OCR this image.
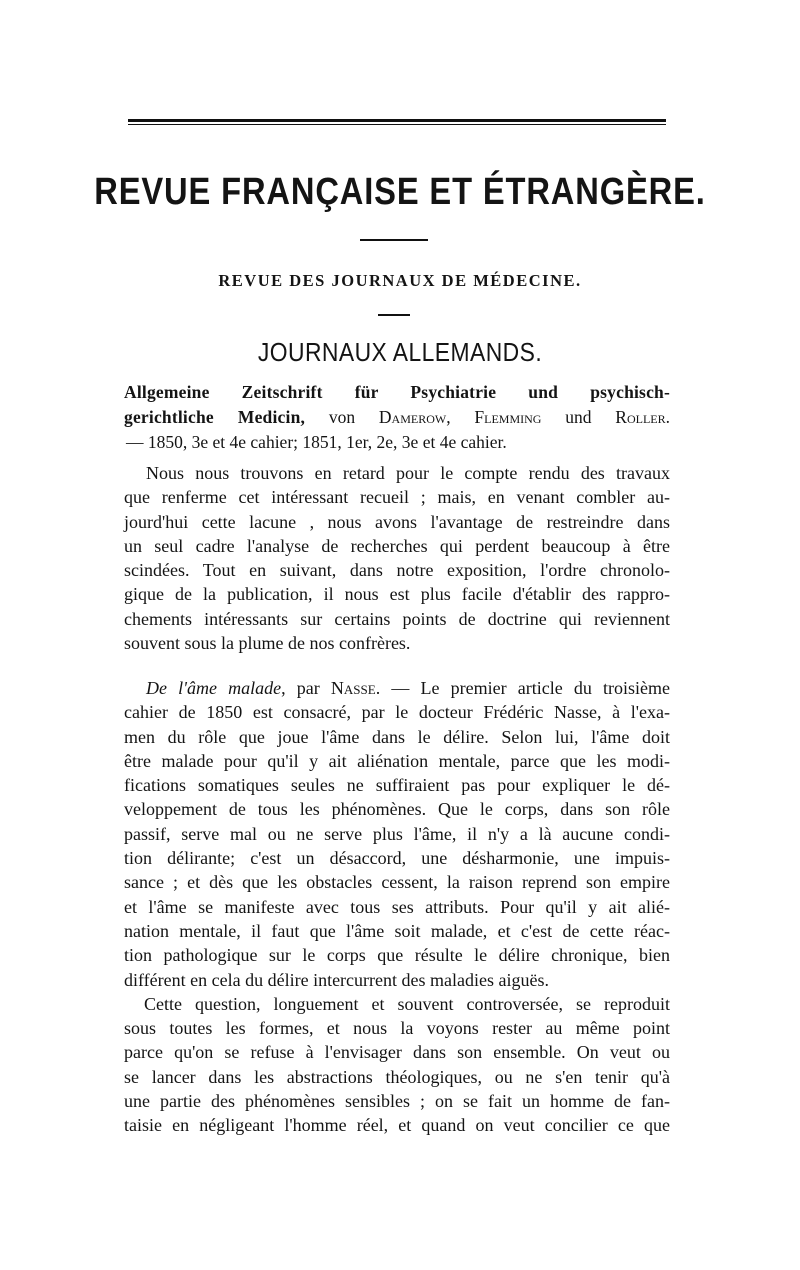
REVUE FRANÇAISE ET ÉTRANGÈRE.
REVUE DES JOURNAUX DE MÉDECINE.
JOURNAUX ALLEMANDS.
Allgemeine Zeitschrift für Psychiatrie und psychisch-
gerichtliche Medicin, von Damerow, Flemming und Roller.
— 1850, 3e et 4e cahier; 1851, 1er, 2e, 3e et 4e cahier.
Nous nous trouvons en retard pour le compte rendu des travaux
que renferme cet intéressant recueil ; mais, en venant combler au-
jourd'hui cette lacune , nous avons l'avantage de restreindre dans
un seul cadre l'analyse de recherches qui perdent beaucoup à être
scindées. Tout en suivant, dans notre exposition, l'ordre chronolo-
gique de la publication, il nous est plus facile d'établir des rappro-
chements intéressants sur certains points de doctrine qui reviennent
souvent sous la plume de nos confrères.
De l'âme malade, par Nasse. — Le premier article du troisième
cahier de 1850 est consacré, par le docteur Frédéric Nasse, à l'exa-
men du rôle que joue l'âme dans le délire. Selon lui, l'âme doit
être malade pour qu'il y ait aliénation mentale, parce que les modi-
fications somatiques seules ne suffiraient pas pour expliquer le dé-
veloppement de tous les phénomènes. Que le corps, dans son rôle
passif, serve mal ou ne serve plus l'âme, il n'y a là aucune condi-
tion délirante; c'est un désaccord, une désharmonie, une impuis-
sance ; et dès que les obstacles cessent, la raison reprend son empire
et l'âme se manifeste avec tous ses attributs. Pour qu'il y ait alié-
nation mentale, il faut que l'âme soit malade, et c'est de cette réac-
tion pathologique sur le corps que résulte le délire chronique, bien
différent en cela du délire intercurrent des maladies aiguës.
Cette question, longuement et souvent controversée, se reproduit
sous toutes les formes, et nous la voyons rester au même point
parce qu'on se refuse à l'envisager dans son ensemble. On veut ou
se lancer dans les abstractions théologiques, ou ne s'en tenir qu'à
une partie des phénomènes sensibles ; on se fait un homme de fan-
taisie en négligeant l'homme réel, et quand on veut concilier ce que
